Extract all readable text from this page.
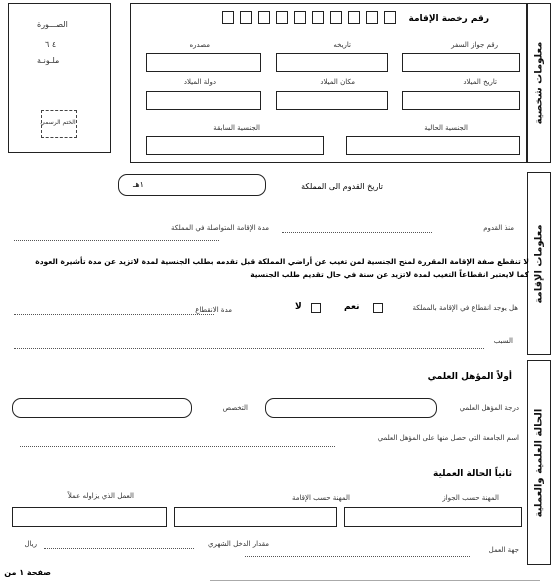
معلومات شخصية
الصـــورة
٤ ٦
ملـونـة
الختم الرسمي
رقم رخصة الإقامة
رقم جواز السفر
تاريخه
مصدره
تاريخ الميلاد
مكان الميلاد
دولة الميلاد
الجنسية الحالية
الجنسية السابقة
معلومات الإقامة
تاريخ القدوم الى المملكة
١هـ
منذ القدوم
مدة الإقامة المتواصلة في المملكة
لا تنقطع صفة الإقامة المقررة لمنح الجنسية لمن تغيب عن أراضي المملكة قبل تقدمه بطلب الجنسية لمدة لاتزيد عن مدة تأشيرة العودة
كما لايعتبر انقطاعاً التغيب لمدة لاتزيد عن سنة في حال تقديم طلب الجنسية
هل يوجد انقطاع في الإقامة بالمملكة
نعم
لا
مدة الانقطاع
السبب
الحالة العلمية والعملية
أولاً المؤهل العلمي
درجة المؤهل العلمي
التخصص
اسم الجامعة التي حصل منها على المؤهل العلمي
ثانياً الحالة العملية
المهنة حسب الجواز
المهنة حسب الإقامة
العمل الذي يزاوله عملاً
مقدار الدخل الشهري
ريال
جهة العمل
صفحة ١ من
